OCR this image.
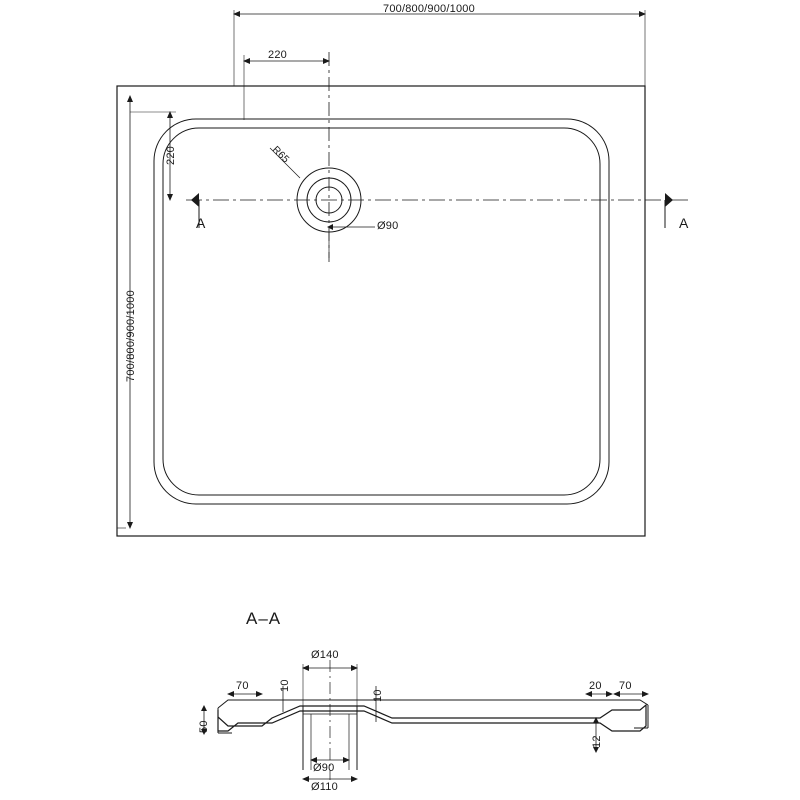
700/800/900/1000
220
220
700/800/900/1000
R65
Ø90
A	A
A–A
Ø140
70	10
10
20 70
50
12
Ø90
Ø110
